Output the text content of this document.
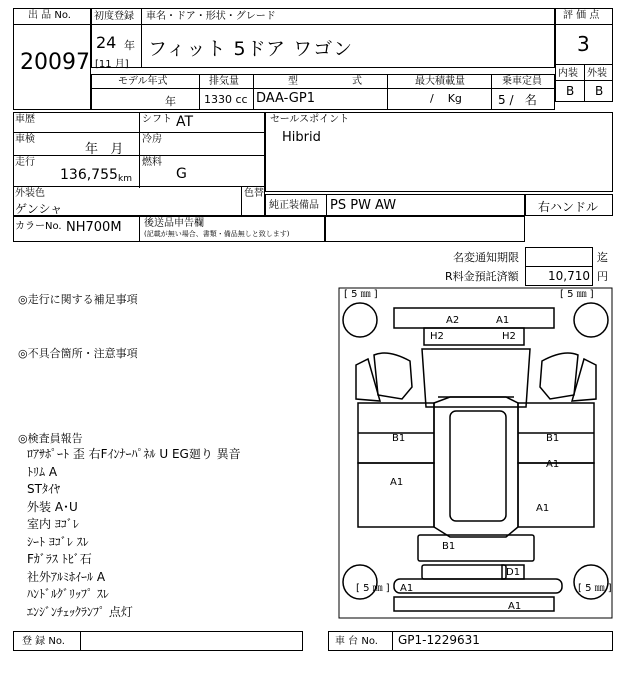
出 品 No.
20097
初度登録 車名・ドア・形状・グレード
24 年
[11 月]
フィット 5ドア ワゴン
評 価 点
3
内装 外装
B B
モデル年式	排気量	型	式	最大積載量	乗車定員
年	1330 cc DAA-GP1	/    Kg	5 /   名
車歴	シフト AT
車検
年   月
冷房
走行
136,755 km
燃料
G
外装色
ゲンシャ
色替
カラーNo. NH700M 後送品申告欄
(記載が無い場合、書類・備品無しと致します)
セールスポイント
Hibrid
純正装備品 PS PW AW	右ハンドル
名変通知期限	迄
R料金預託済額 10,710 円
◎走行に関する補足事項
◎不具合箇所・注意事項
◎検査員報告
ﾛｱｻﾎﾟｰﾄ 歪 右Fｲﾝﾅｰﾊﾟﾈﾙ U EG廻り 異音
ﾄﾘﾑ A
STﾀｲﾔ
外装 A･U
室内 ﾖｺﾞﾚ
ｼｰﾄ ﾖｺﾞﾚ ｽﾚ
Fｶﾞﾗｽ ﾄﾋﾞ石
社外ｱﾙﾐﾎｲｰﾙ A
ﾊﾝﾄﾞﾙｸﾞﾘｯﾌﾟ ｽﾚ
ｴﾝｼﾞﾝﾁｪｯｸﾗﾝﾌﾟ 点灯
[ 5 ㎜ ]	[ 5 ㎜ ]
[ 5 ㎜ ]	[ 5 ㎜ ]
A2	A1
H2	H2
B1	B1
A1
A1
A1
B1
D1
A1
A1
登 録 No.	車 台 No. GP1-1229631
